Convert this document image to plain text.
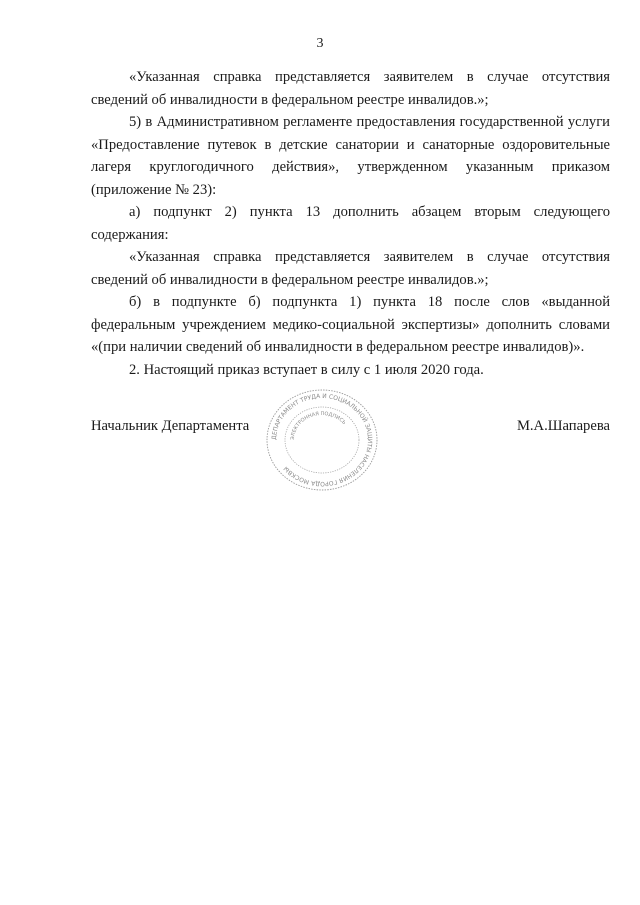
3

«Указанная справка представляется заявителем в случае отсутствия сведений об инвалидности в федеральном реестре инвалидов.»;

5) в Административном регламенте предоставления государственной услуги «Предоставление путевок в детские санатории и санаторные оздоровительные лагеря круглогодичного действия», утвержденном указанным приказом (приложение № 23):

а) подпункт 2) пункта 13 дополнить абзацем вторым следующего содержания:

«Указанная справка представляется заявителем в случае отсутствия сведений об инвалидности в федеральном реестре инвалидов.»;

б) в подпункте б) подпункта 1) пункта 18 после слов «выданной федеральным учреждением медико-социальной экспертизы» дополнить словами «(при наличии сведений об инвалидности в федеральном реестре инвалидов)».

2. Настоящий приказ вступает в силу с 1 июля 2020 года.

Начальник Департамента	М.А.Шапарева
ДЕПАРТАМЕНТ ТРУДА И СОЦИАЛЬНОЙ ЗАЩИТЫ НАСЕЛЕНИЯ ГОРОДА МОСКВЫ
ЭЛЕКТРОННАЯ ПОДПИСЬ
